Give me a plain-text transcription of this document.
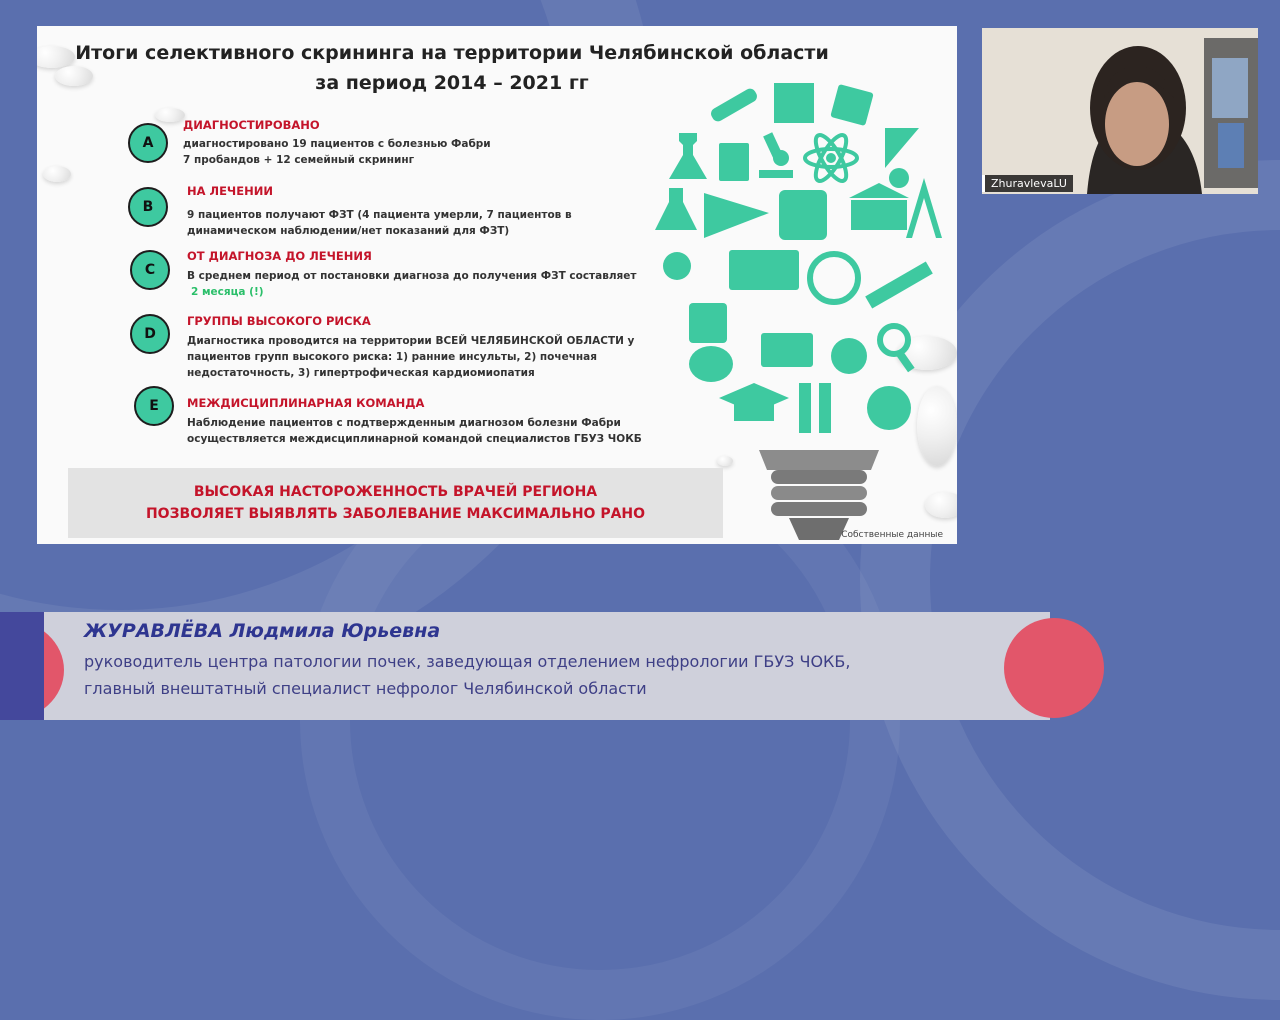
Итоги селективного скрининга на территории Челябинской области
за период 2014 – 2021 гг
A
ДИАГНОСТИРОВАНО
диагностировано 19 пациентов с болезнью Фабри
7 пробандов + 12 семейный скрининг
B
НА ЛЕЧЕНИИ
9 пациентов получают ФЗТ (4 пациента умерли, 7 пациентов в
динамическом наблюдении/нет показаний для ФЗТ)
C
ОТ ДИАГНОЗА ДО ЛЕЧЕНИЯ
В среднем период от постановки диагноза до получения ФЗТ составляет
2 месяца (!)
D
ГРУППЫ ВЫСОКОГО РИСКА
Диагностика проводится на территории ВСЕЙ ЧЕЛЯБИНСКОЙ ОБЛАСТИ у
пациентов групп высокого риска: 1) ранние инсульты, 2) почечная
недостаточность, 3) гипертрофическая кардиомиопатия
E	МЕЖДИСЦИПЛИНАРНАЯ КОМАНДА
Наблюдение пациентов с подтвержденным диагнозом болезни Фабри
осуществляется междисциплинарной командой специалистов ГБУЗ ЧОКБ
ВЫСОКАЯ НАСТОРОЖЕННОСТЬ ВРАЧЕЙ РЕГИОНА
ПОЗВОЛЯЕТ ВЫЯВЛЯТЬ ЗАБОЛЕВАНИЕ МАКСИМАЛЬНО РАНО
Собственные данные
ZhuravlevaLU
ЖУРАВЛЁВА Людмила Юрьевна
руководитель центра патологии почек, заведующая отделением нефрологии ГБУЗ ЧОКБ,
главный внештатный специалист нефролог Челябинской области
